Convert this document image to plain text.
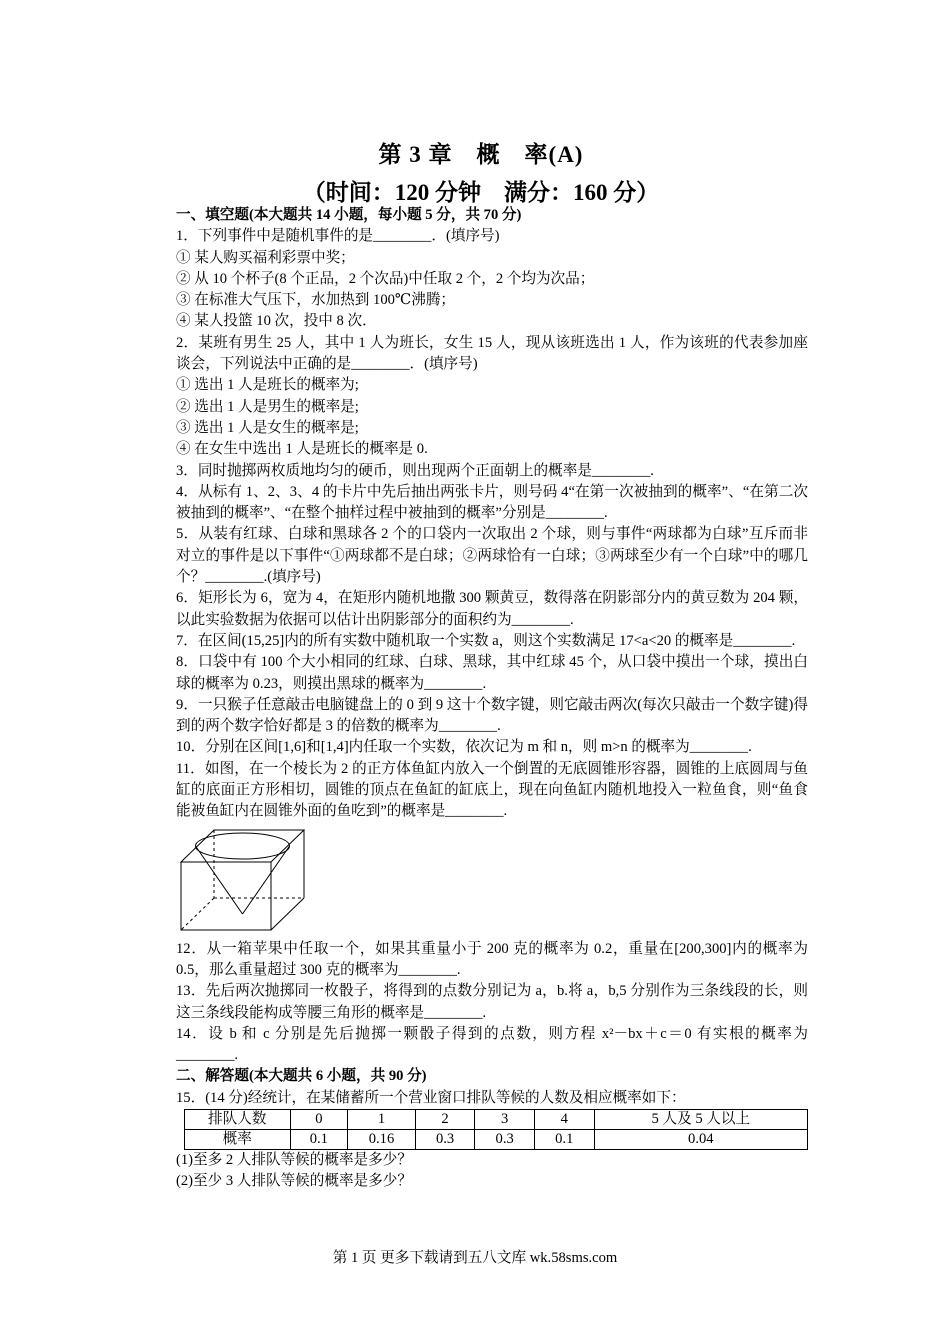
第 3 章　概　率(A)
（时间：120 分钟　满分：160 分）

一、填空题(本大题共 14 小题，每小题 5 分，共 70 分)

1．下列事件中是随机事件的是________．(填序号)

① 某人购买福利彩票中奖；

② 从 10 个杯子(8 个正品，2 个次品)中任取 2 个，2 个均为次品；

③ 在标准大气压下，水加热到 100℃沸腾；

④ 某人投篮 10 次，投中 8 次．

2．某班有男生 25 人，其中 1 人为班长，女生 15 人，现从该班选出 1 人，作为该班的代表参加座谈会，下列说法中正确的是________．(填序号)

① 选出 1 人是班长的概率为;

② 选出 1 人是男生的概率是;

③ 选出 1 人是女生的概率是;

④ 在女生中选出 1 人是班长的概率是 0.

3．同时抛掷两枚质地均匀的硬币，则出现两个正面朝上的概率是________.

4．从标有 1、2、3、4 的卡片中先后抽出两张卡片，则号码 4“在第一次被抽到的概率”、“在第二次被抽到的概率”、“在整个抽样过程中被抽到的概率”分别是________.

5．从装有红球、白球和黑球各 2 个的口袋内一次取出 2 个球，则与事件“两球都为白球”互斥而非对立的事件是以下事件“①两球都不是白球；②两球恰有一白球；③两球至少有一个白球”中的哪几个？________.(填序号)

6．矩形长为 6，宽为 4，在矩形内随机地撒 300 颗黄豆，数得落在阴影部分内的黄豆数为 204 颗，以此实验数据为依据可以估计出阴影部分的面积约为________.

7．在区间(15,25]内的所有实数中随机取一个实数 a，则这个实数满足 17<a<20 的概率是________.

8．口袋中有 100 个大小相同的红球、白球、黑球，其中红球 45 个，从口袋中摸出一个球，摸出白球的概率为 0.23，则摸出黑球的概率为________.

9．一只猴子任意敲击电脑键盘上的 0 到 9 这十个数字键，则它敲击两次(每次只敲击一个数字键)得到的两个数字恰好都是 3 的倍数的概率为________.

10．分别在区间[1,6]和[1,4]内任取一个实数，依次记为 m 和 n，则 m>n 的概率为________.

11．如图，在一个棱长为 2 的正方体鱼缸内放入一个倒置的无底圆锥形容器，圆锥的上底圆周与鱼缸的底面正方形相切，圆锥的顶点在鱼缸的缸底上，现在向鱼缸内随机地投入一粒鱼食，则“鱼食能被鱼缸内在圆锥外面的鱼吃到”的概率是________.

12．从一箱苹果中任取一个，如果其重量小于 200 克的概率为 0.2，重量在[200,300]内的概率为 0.5，那么重量超过 300 克的概率为________.

13．先后两次抛掷同一枚骰子，将得到的点数分别记为 a，b.将 a，b,5 分别作为三条线段的长，则这三条线段能构成等腰三角形的概率是________.

14．设 b 和 c 分别是先后抛掷一颗骰子得到的点数，则方程 x²－bx＋c＝0 有实根的概率为________.

二、解答题(本大题共 6 小题，共 90 分)

15．(14 分)经统计，在某储蓄所一个营业窗口排队等候的人数及相应概率如下：

排队人数	0	1	2	3	4	5 人及 5 人以上
概率	0.1	0.16	0.3	0.3	0.1	0.04

(1)至多 2 人排队等候的概率是多少？

(2)至少 3 人排队等候的概率是多少？

第 1 页 更多下载请到五八文库 wk.58sms.com
